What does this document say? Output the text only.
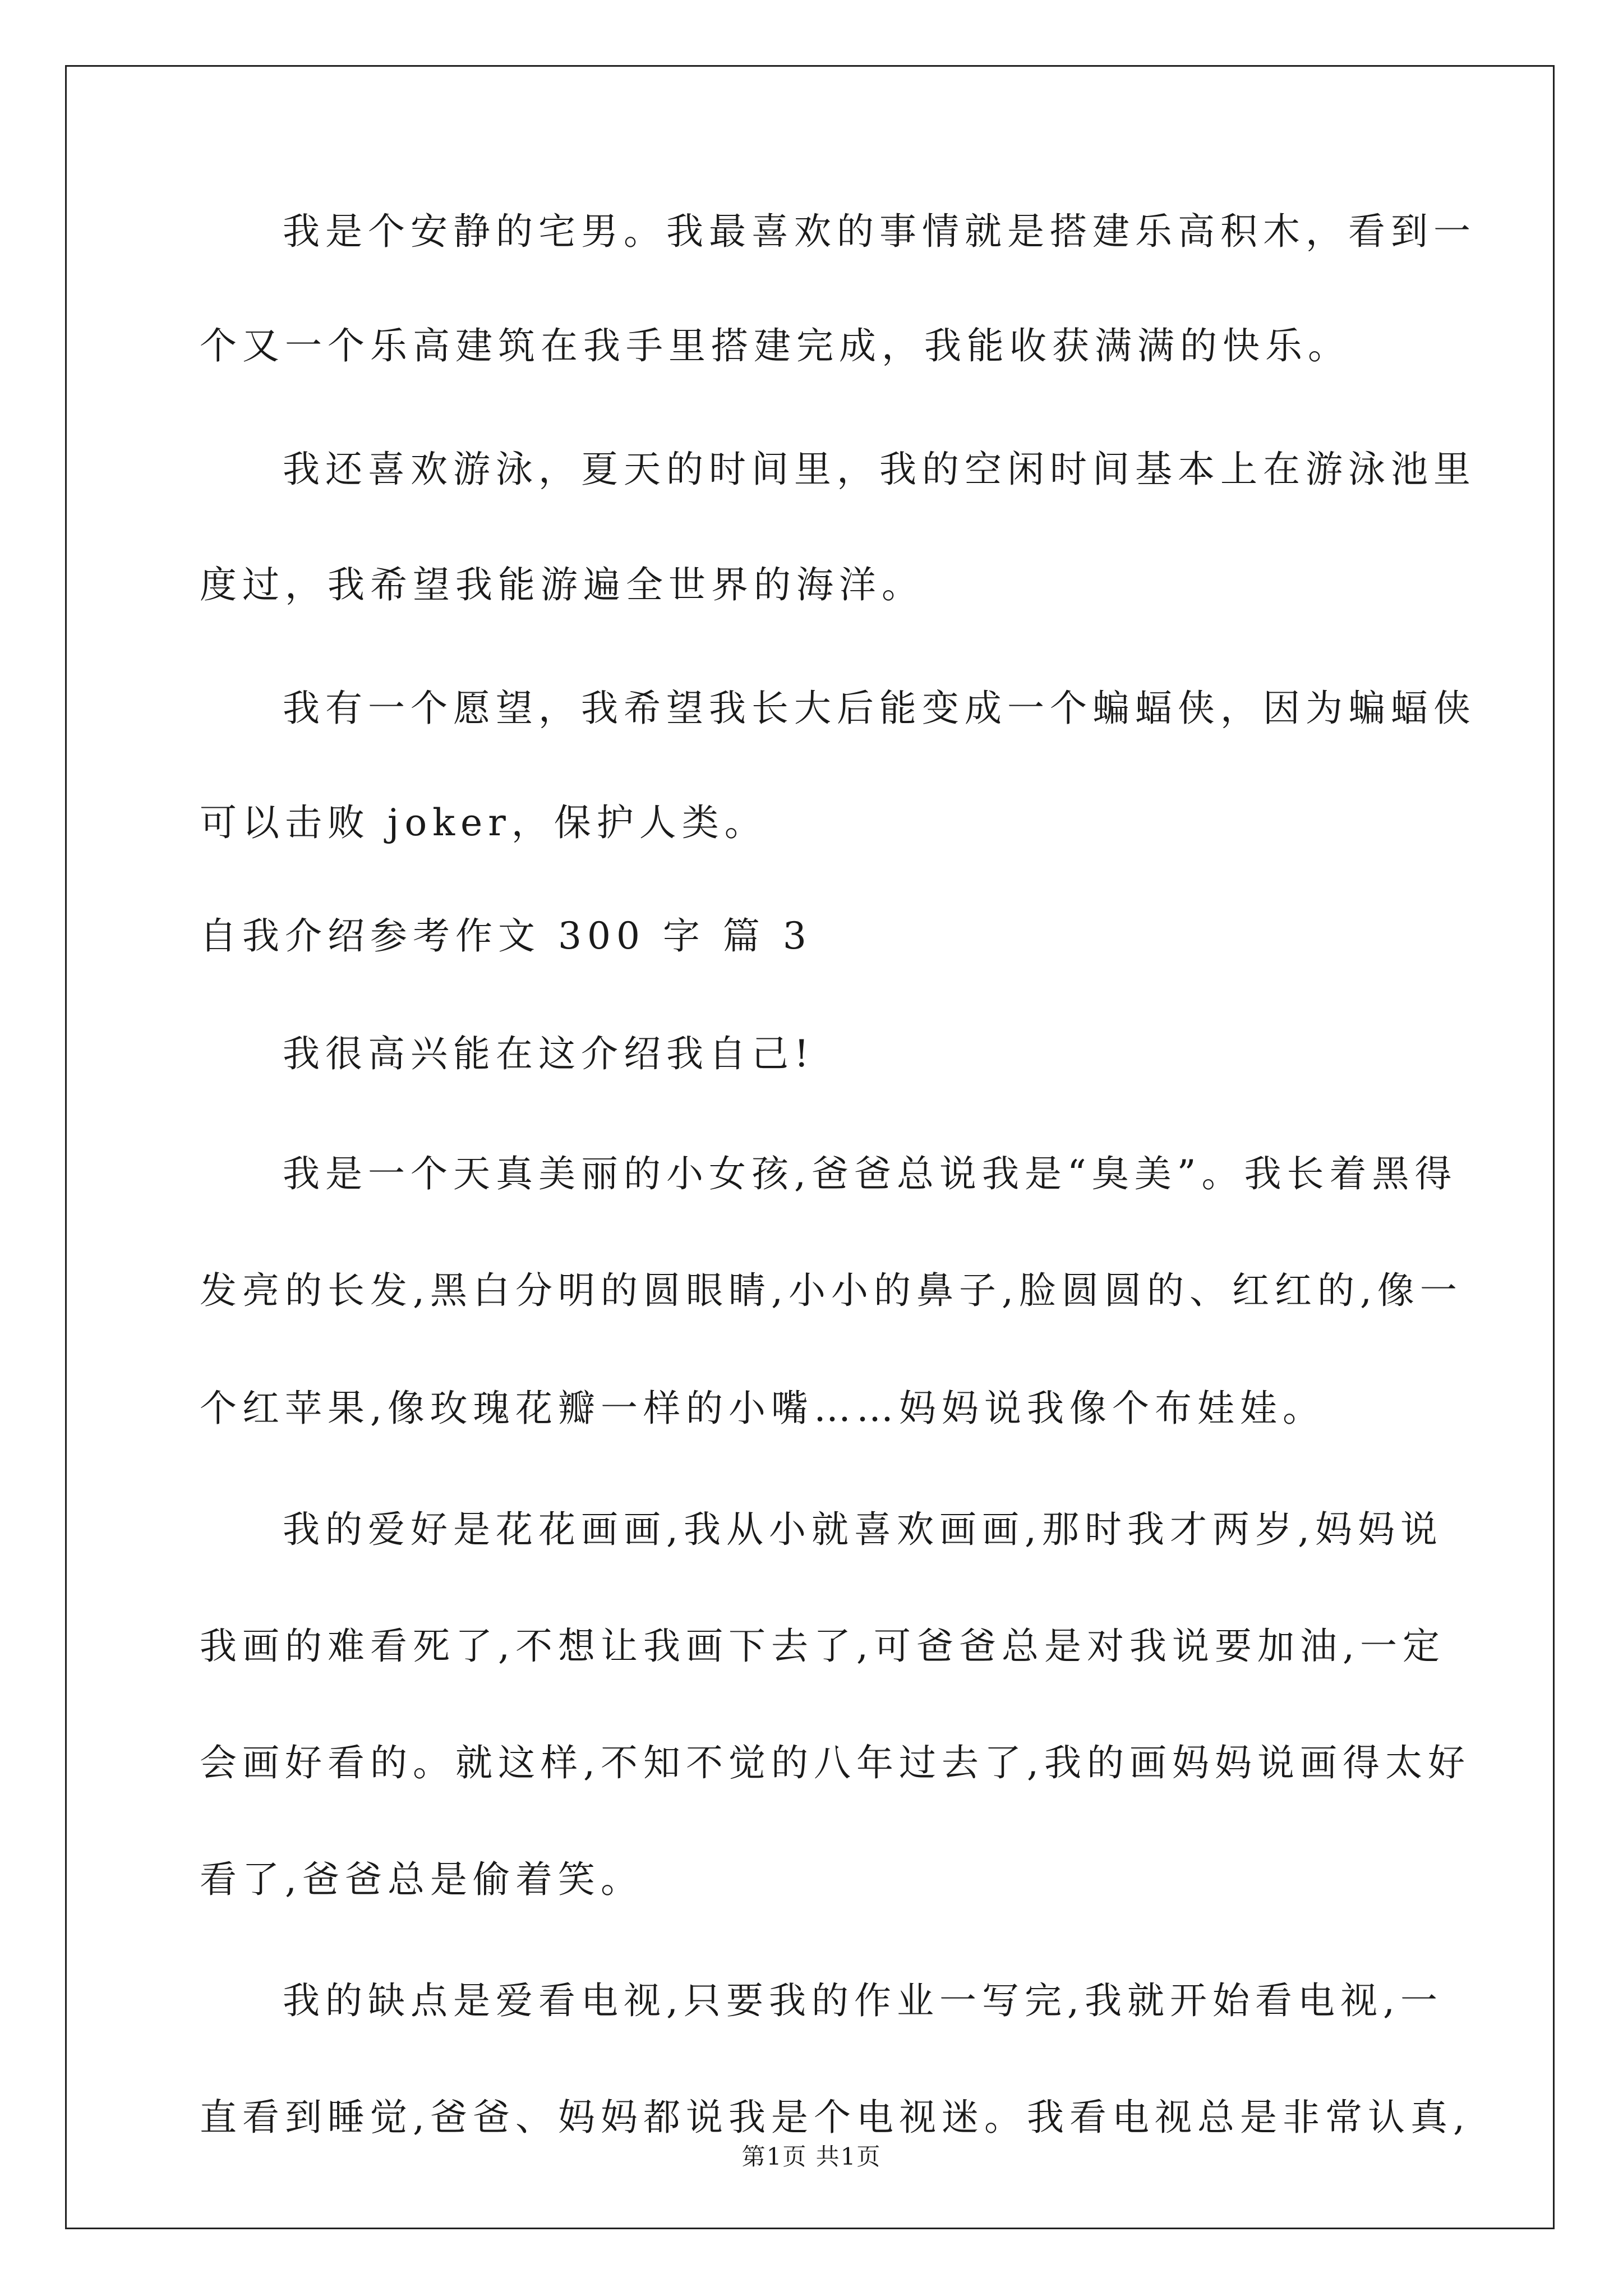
我是个安静的宅男。我最喜欢的事情就是搭建乐高积木，看到一
个又一个乐高建筑在我手里搭建完成，我能收获满满的快乐。
我还喜欢游泳，夏天的时间里，我的空闲时间基本上在游泳池里
度过，我希望我能游遍全世界的海洋。
我有一个愿望，我希望我长大后能变成一个蝙蝠侠，因为蝙蝠侠
可以击败 joker，保护人类。
自我介绍参考作文 300 字 篇 3
我很高兴能在这介绍我自己!
我是一个天真美丽的小女孩,爸爸总说我是“臭美”。我长着黑得
发亮的长发,黑白分明的圆眼睛,小小的鼻子,脸圆圆的、红红的,像一
个红苹果,像玫瑰花瓣一样的小嘴……妈妈说我像个布娃娃。
我的爱好是花花画画,我从小就喜欢画画,那时我才两岁,妈妈说
我画的难看死了,不想让我画下去了,可爸爸总是对我说要加油,一定
会画好看的。就这样,不知不觉的八年过去了,我的画妈妈说画得太好
看了,爸爸总是偷着笑。
我的缺点是爱看电视,只要我的作业一写完,我就开始看电视,一
直看到睡觉,爸爸、妈妈都说我是个电视迷。我看电视总是非常认真,
第1页 共1页
